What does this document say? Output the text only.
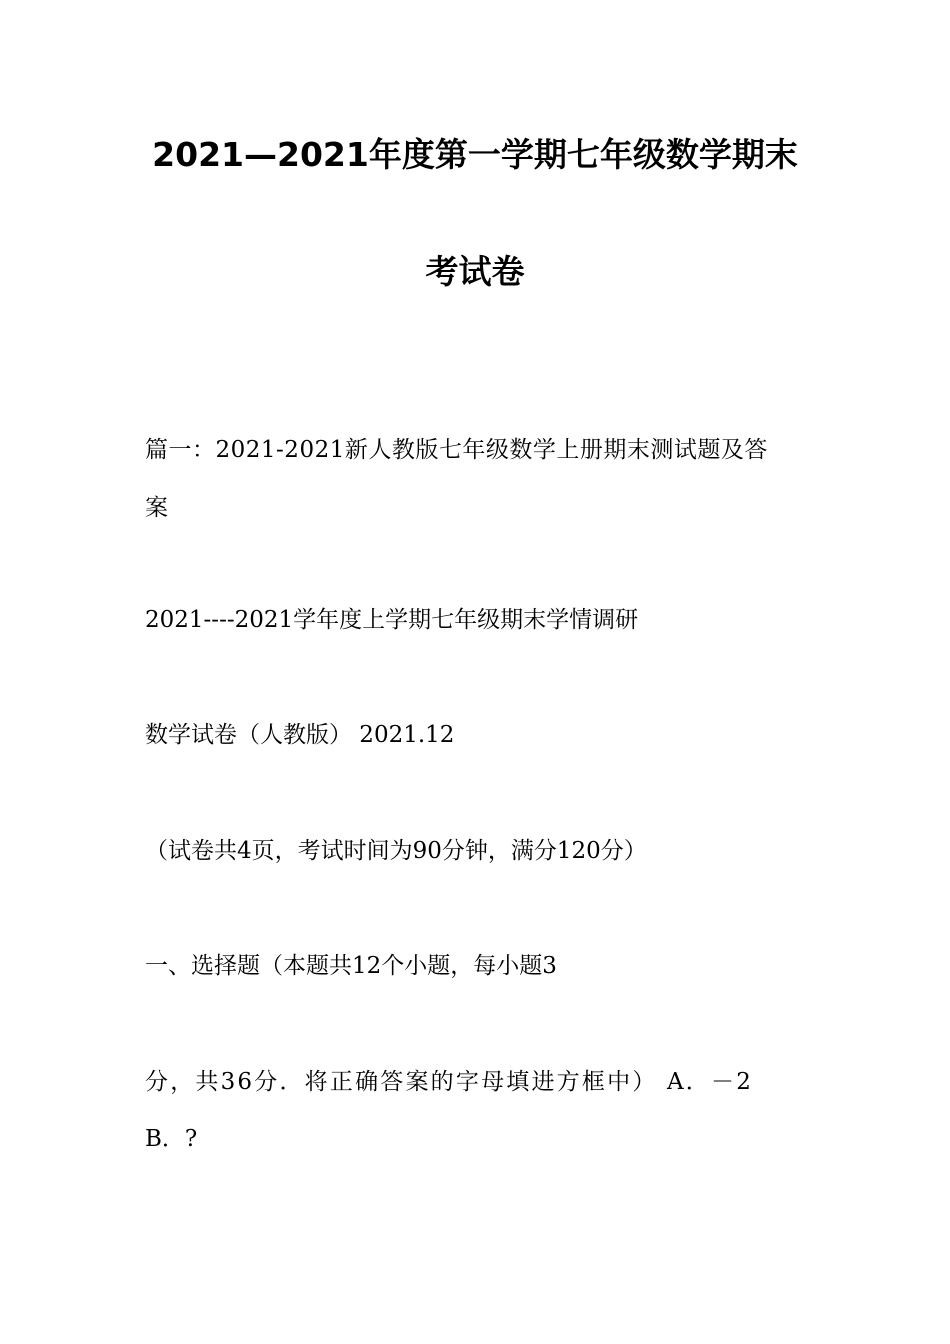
2021—2021年度第一学期七年级数学期末
考试卷
篇一：2021-2021新人教版七年级数学上册期末测试题及答
案
2021----2021学年度上学期七年级期末学情调研
数学试卷（人教版） 2021.12
（试卷共4页，考试时间为90分钟，满分120分）
一、选择题（本题共12个小题，每小题3
分，共36分．将正确答案的字母填进方框中） A．－2
B．?
